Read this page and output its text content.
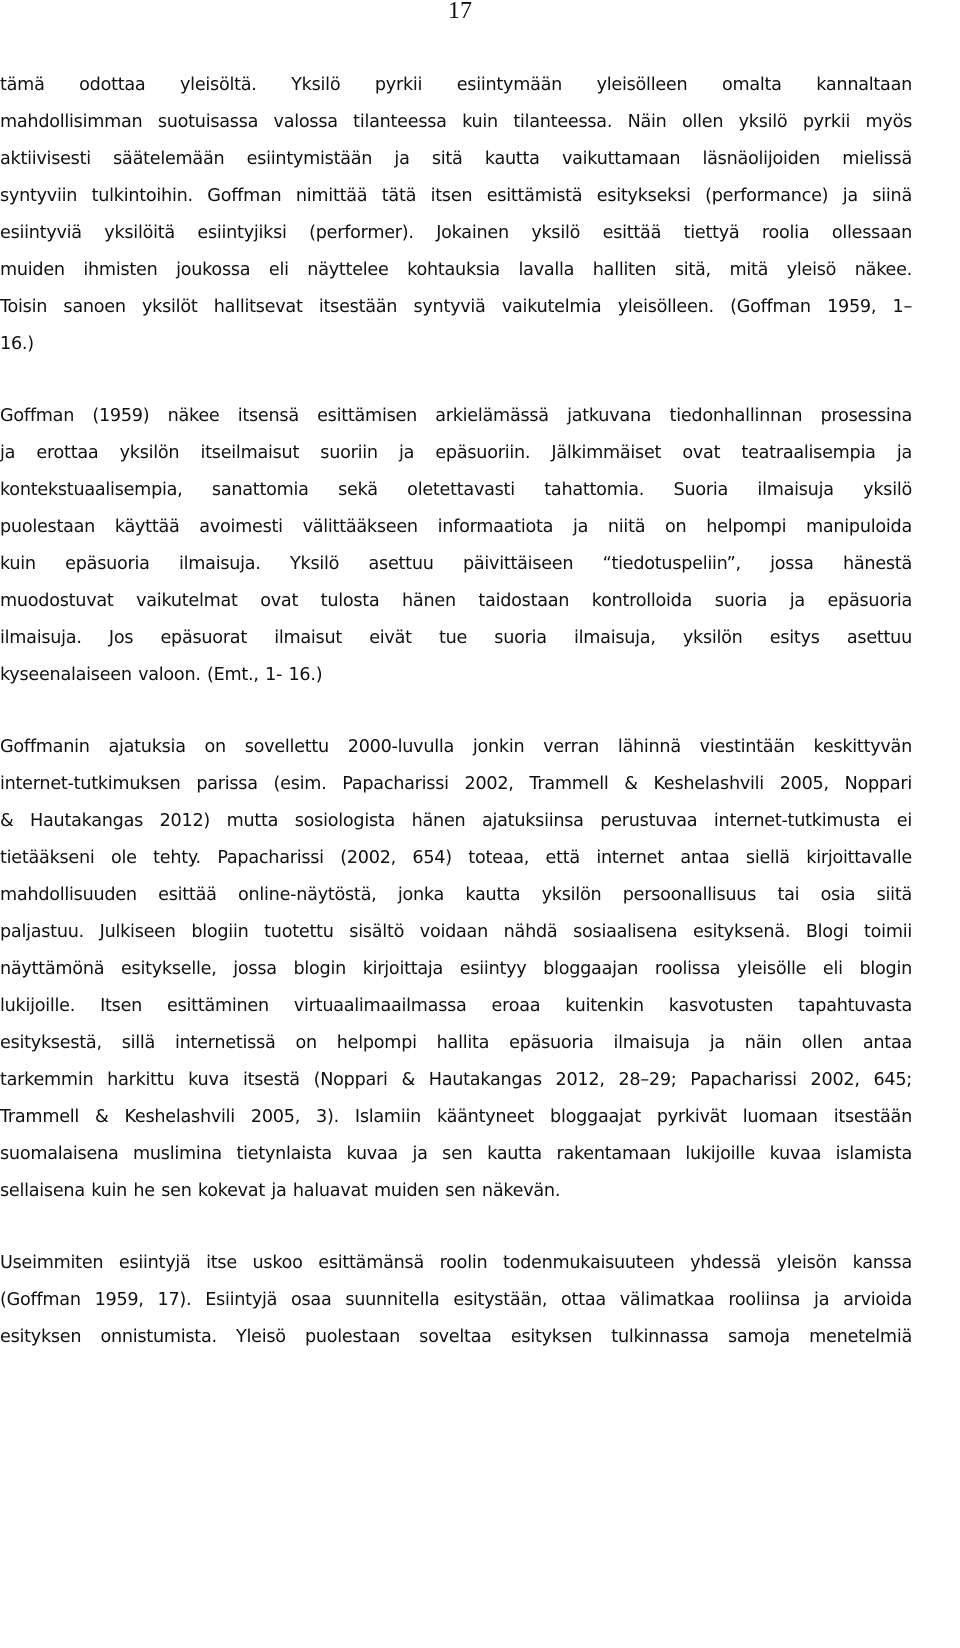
17
tämä odottaa yleisöltä. Yksilö pyrkii esiintymään yleisölleen omalta kannaltaan
mahdollisimman suotuisassa valossa tilanteessa kuin tilanteessa. Näin ollen yksilö pyrkii myös
aktiivisesti säätelemään esiintymistään ja sitä kautta vaikuttamaan läsnäolijoiden mielissä
syntyviin tulkintoihin. Goffman nimittää tätä itsen esittämistä esitykseksi (performance) ja siinä
esiintyviä yksilöitä esiintyjiksi (performer). Jokainen yksilö esittää tiettyä roolia ollessaan
muiden ihmisten joukossa eli näyttelee kohtauksia lavalla halliten sitä, mitä yleisö näkee.
Toisin sanoen yksilöt hallitsevat itsestään syntyviä vaikutelmia yleisölleen. (Goffman 1959, 1–
16.)
Goffman (1959) näkee itsensä esittämisen arkielämässä jatkuvana tiedonhallinnan prosessina
ja erottaa yksilön itseilmaisut suoriin ja epäsuoriin. Jälkimmäiset ovat teatraalisempia ja
kontekstuaalisempia, sanattomia sekä oletettavasti tahattomia. Suoria ilmaisuja yksilö
puolestaan käyttää avoimesti välittääkseen informaatiota ja niitä on helpompi manipuloida
kuin epäsuoria ilmaisuja. Yksilö asettuu päivittäiseen “tiedotuspeliin”, jossa hänestä
muodostuvat vaikutelmat ovat tulosta hänen taidostaan kontrolloida suoria ja epäsuoria
ilmaisuja. Jos epäsuorat ilmaisut eivät tue suoria ilmaisuja, yksilön esitys asettuu
kyseenalaiseen valoon. (Emt., 1- 16.)
Goffmanin ajatuksia on sovellettu 2000-luvulla jonkin verran lähinnä viestintään keskittyvän
internet-tutkimuksen parissa (esim. Papacharissi 2002, Trammell & Keshelashvili 2005, Noppari
& Hautakangas 2012) mutta sosiologista hänen ajatuksiinsa perustuvaa internet-tutkimusta ei
tietääkseni ole tehty. Papacharissi (2002, 654) toteaa, että internet antaa siellä kirjoittavalle
mahdollisuuden esittää online-näytöstä, jonka kautta yksilön persoonallisuus tai osia siitä
paljastuu. Julkiseen blogiin tuotettu sisältö voidaan nähdä sosiaalisena esityksenä. Blogi toimii
näyttämönä esitykselle, jossa blogin kirjoittaja esiintyy bloggaajan roolissa yleisölle eli blogin
lukijoille. Itsen esittäminen virtuaalimaailmassa eroaa kuitenkin kasvotusten tapahtuvasta
esityksestä, sillä internetissä on helpompi hallita epäsuoria ilmaisuja ja näin ollen antaa
tarkemmin harkittu kuva itsestä (Noppari & Hautakangas 2012, 28–29; Papacharissi 2002, 645;
Trammell & Keshelashvili 2005, 3). Islamiin kääntyneet bloggaajat pyrkivät luomaan itsestään
suomalaisena muslimina tietynlaista kuvaa ja sen kautta rakentamaan lukijoille kuvaa islamista
sellaisena kuin he sen kokevat ja haluavat muiden sen näkevän.
Useimmiten esiintyjä itse uskoo esittämänsä roolin todenmukaisuuteen yhdessä yleisön kanssa
(Goffman 1959, 17). Esiintyjä osaa suunnitella esitystään, ottaa välimatkaa rooliinsa ja arvioida
esityksen onnistumista. Yleisö puolestaan soveltaa esityksen tulkinnassa samoja menetelmiä
